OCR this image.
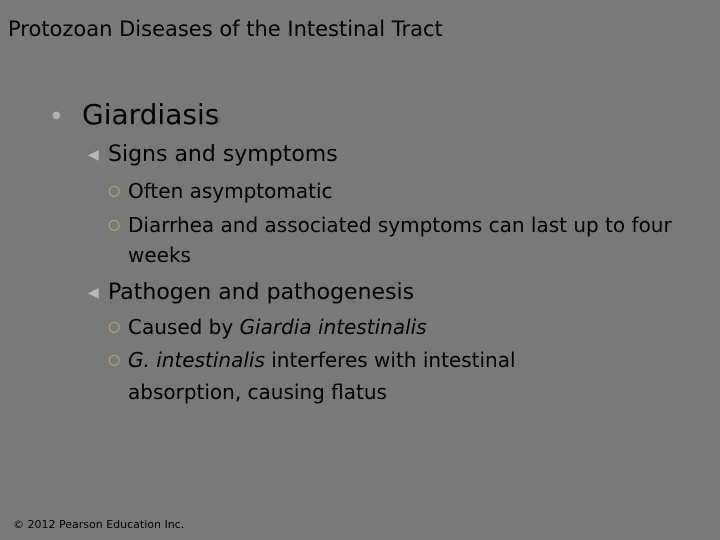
Protozoan Diseases of the Intestinal Tract
● Giardiasis
◀ Signs and symptoms
○ Often asymptomatic
○ Diarrhea and associated symptoms can last up to four weeks
◀ Pathogen and pathogenesis
○ Caused by Giardia intestinalis
○ G. intestinalis interferes with intestinal absorption, causing flatus
© 2012 Pearson Education Inc.
